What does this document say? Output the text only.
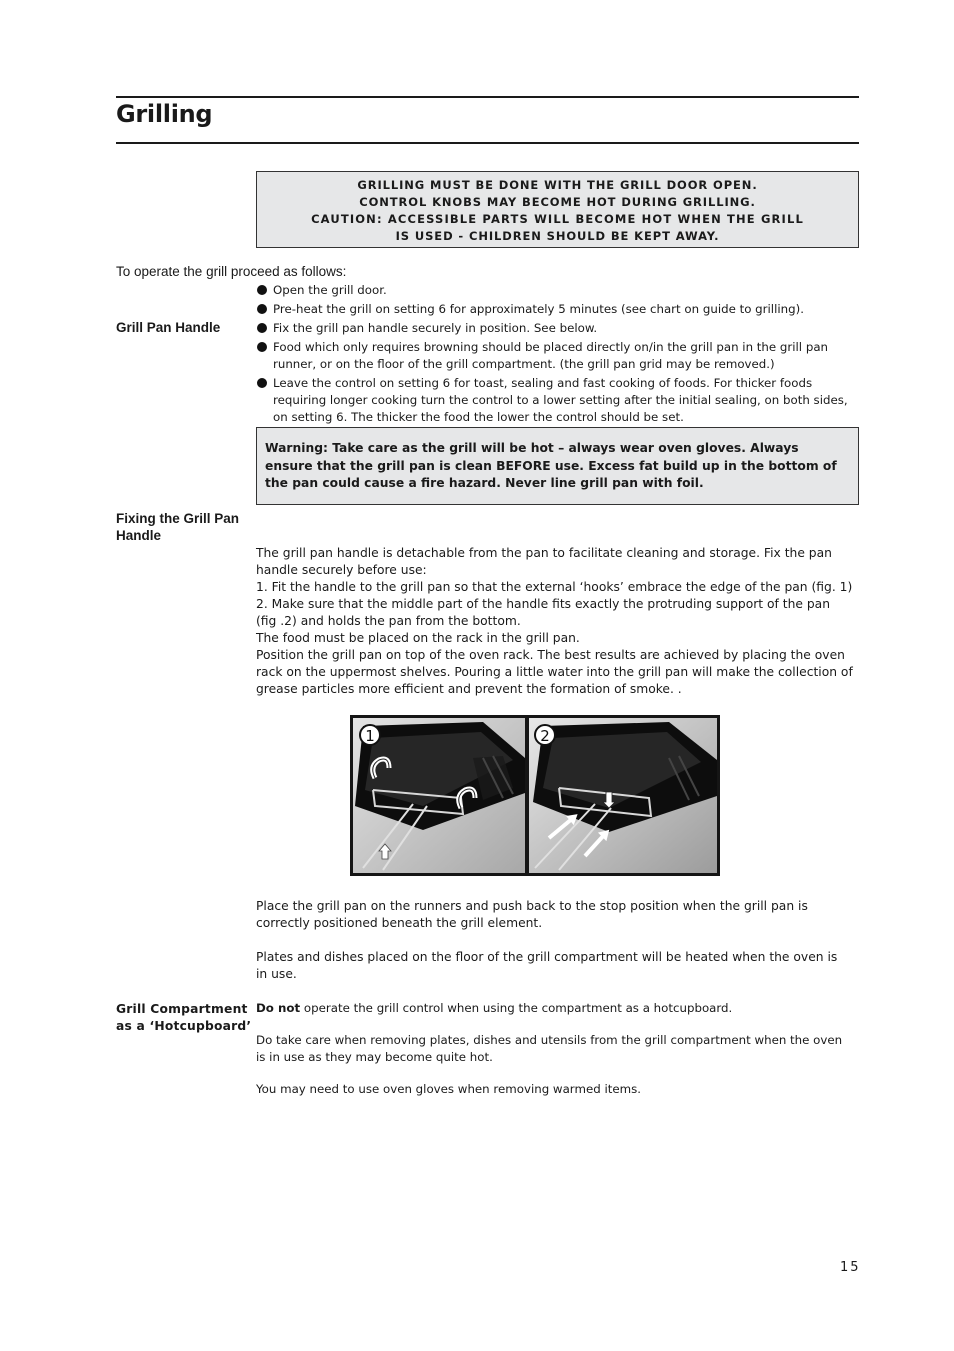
Grilling
GRILLING MUST BE DONE WITH THE GRILL DOOR OPEN.
CONTROL KNOBS MAY BECOME HOT DURING GRILLING.
CAUTION: ACCESSIBLE PARTS WILL BECOME HOT WHEN THE GRILL
IS USED - CHILDREN SHOULD BE KEPT AWAY.
To operate the grill proceed as follows:
Grill Pan Handle
Open the grill door.
Pre-heat the grill on setting 6 for approximately 5 minutes (see chart on guide to grilling).
Fix the grill pan handle securely in position. See below.
Food which only requires browning should be placed directly on/in the grill pan in the grill pan runner, or on the floor of the grill compartment. (the grill pan grid may be removed.)
Leave the control on setting 6 for toast, sealing and fast cooking of foods. For thicker foods requiring longer cooking turn the control to a lower setting after the initial sealing, on both sides, on setting 6. The thicker the food the lower the control should be set.
Warning: Take care as the grill will be hot – always wear oven gloves. Always ensure that the grill pan is clean BEFORE use. Excess fat build up in the bottom of the pan could cause a fire hazard. Never line grill pan with foil.
Fixing the Grill Pan
Handle
The grill pan handle is detachable from the pan to facilitate cleaning and storage. Fix the pan
handle securely before use:
1. Fit the handle to the grill pan so that the external ‘hooks’ embrace the edge of the pan (fig. 1)
2. Make sure that the middle part of the handle fits exactly the protruding support of the pan
(fig .2) and holds the pan from the bottom.
The food must be placed on the rack in the grill pan.
Position the grill pan on top of the oven rack. The best results are achieved by placing the oven
rack on the uppermost shelves. Pouring a little water into the grill pan will make the collection of
grease particles more efficient and prevent the formation of smoke. .
1	2
Place the grill pan on the runners and push back to the stop position when the grill pan is
correctly positioned beneath the grill element.
Plates and dishes placed on the floor of the grill compartment will be heated when the oven is
in use.
Grill Compartment
as a ‘Hotcupboard’
Do not operate the grill control when using the compartment as a hotcupboard.
Do take care when removing plates, dishes and utensils from the grill compartment when the oven
is in use as they may become quite hot.
You may need to use oven gloves when removing warmed items.
15
